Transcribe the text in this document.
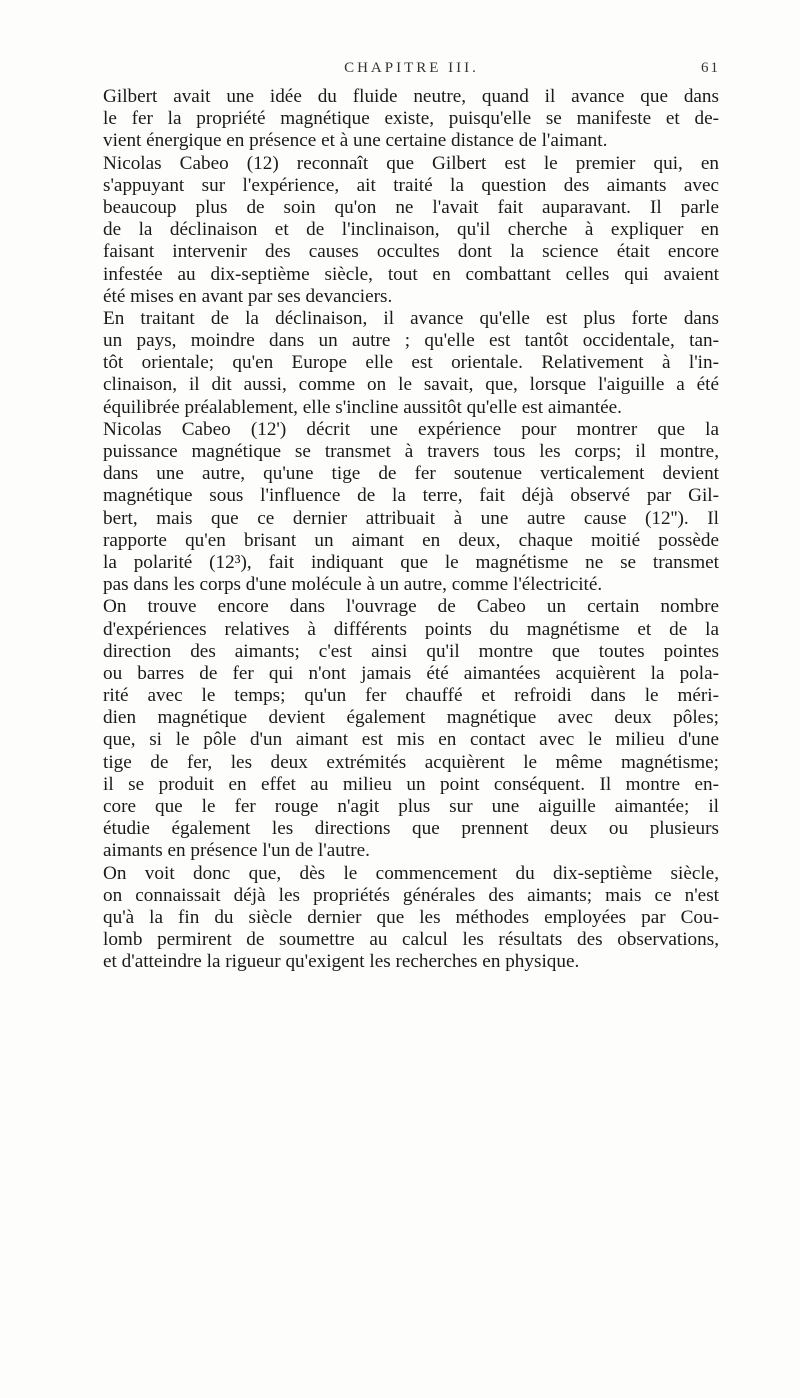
CHAPITRE III.	61
Gilbert avait une idée du fluide neutre, quand il avance que dans
le fer la propriété magnétique existe, puisqu'elle se manifeste et de-
vient énergique en présence et à une certaine distance de l'aimant.
Nicolas Cabeo (12) reconnaît que Gilbert est le premier qui, en
s'appuyant sur l'expérience, ait traité la question des aimants avec
beaucoup plus de soin qu'on ne l'avait fait auparavant. Il parle
de la déclinaison et de l'inclinaison, qu'il cherche à expliquer en
faisant intervenir des causes occultes dont la science était encore
infestée au dix-septième siècle, tout en combattant celles qui avaient
été mises en avant par ses devanciers.
En traitant de la déclinaison, il avance qu'elle est plus forte dans
un pays, moindre dans un autre ; qu'elle est tantôt occidentale, tan-
tôt orientale; qu'en Europe elle est orientale. Relativement à l'in-
clinaison, il dit aussi, comme on le savait, que, lorsque l'aiguille a été
équilibrée préalablement, elle s'incline aussitôt qu'elle est aimantée.
Nicolas Cabeo (12') décrit une expérience pour montrer que la
puissance magnétique se transmet à travers tous les corps; il montre,
dans une autre, qu'une tige de fer soutenue verticalement devient
magnétique sous l'influence de la terre, fait déjà observé par Gil-
bert, mais que ce dernier attribuait à une autre cause (12''). Il
rapporte qu'en brisant un aimant en deux, chaque moitié possède
la polarité (12³), fait indiquant que le magnétisme ne se transmet
pas dans les corps d'une molécule à un autre, comme l'électricité.
On trouve encore dans l'ouvrage de Cabeo un certain nombre
d'expériences relatives à différents points du magnétisme et de la
direction des aimants; c'est ainsi qu'il montre que toutes pointes
ou barres de fer qui n'ont jamais été aimantées acquièrent la pola-
rité avec le temps; qu'un fer chauffé et refroidi dans le méri-
dien magnétique devient également magnétique avec deux pôles;
que, si le pôle d'un aimant est mis en contact avec le milieu d'une
tige de fer, les deux extrémités acquièrent le même magnétisme;
il se produit en effet au milieu un point conséquent. Il montre en-
core que le fer rouge n'agit plus sur une aiguille aimantée; il
étudie également les directions que prennent deux ou plusieurs
aimants en présence l'un de l'autre.
On voit donc que, dès le commencement du dix-septième siècle,
on connaissait déjà les propriétés générales des aimants; mais ce n'est
qu'à la fin du siècle dernier que les méthodes employées par Cou-
lomb permirent de soumettre au calcul les résultats des observations,
et d'atteindre la rigueur qu'exigent les recherches en physique.
